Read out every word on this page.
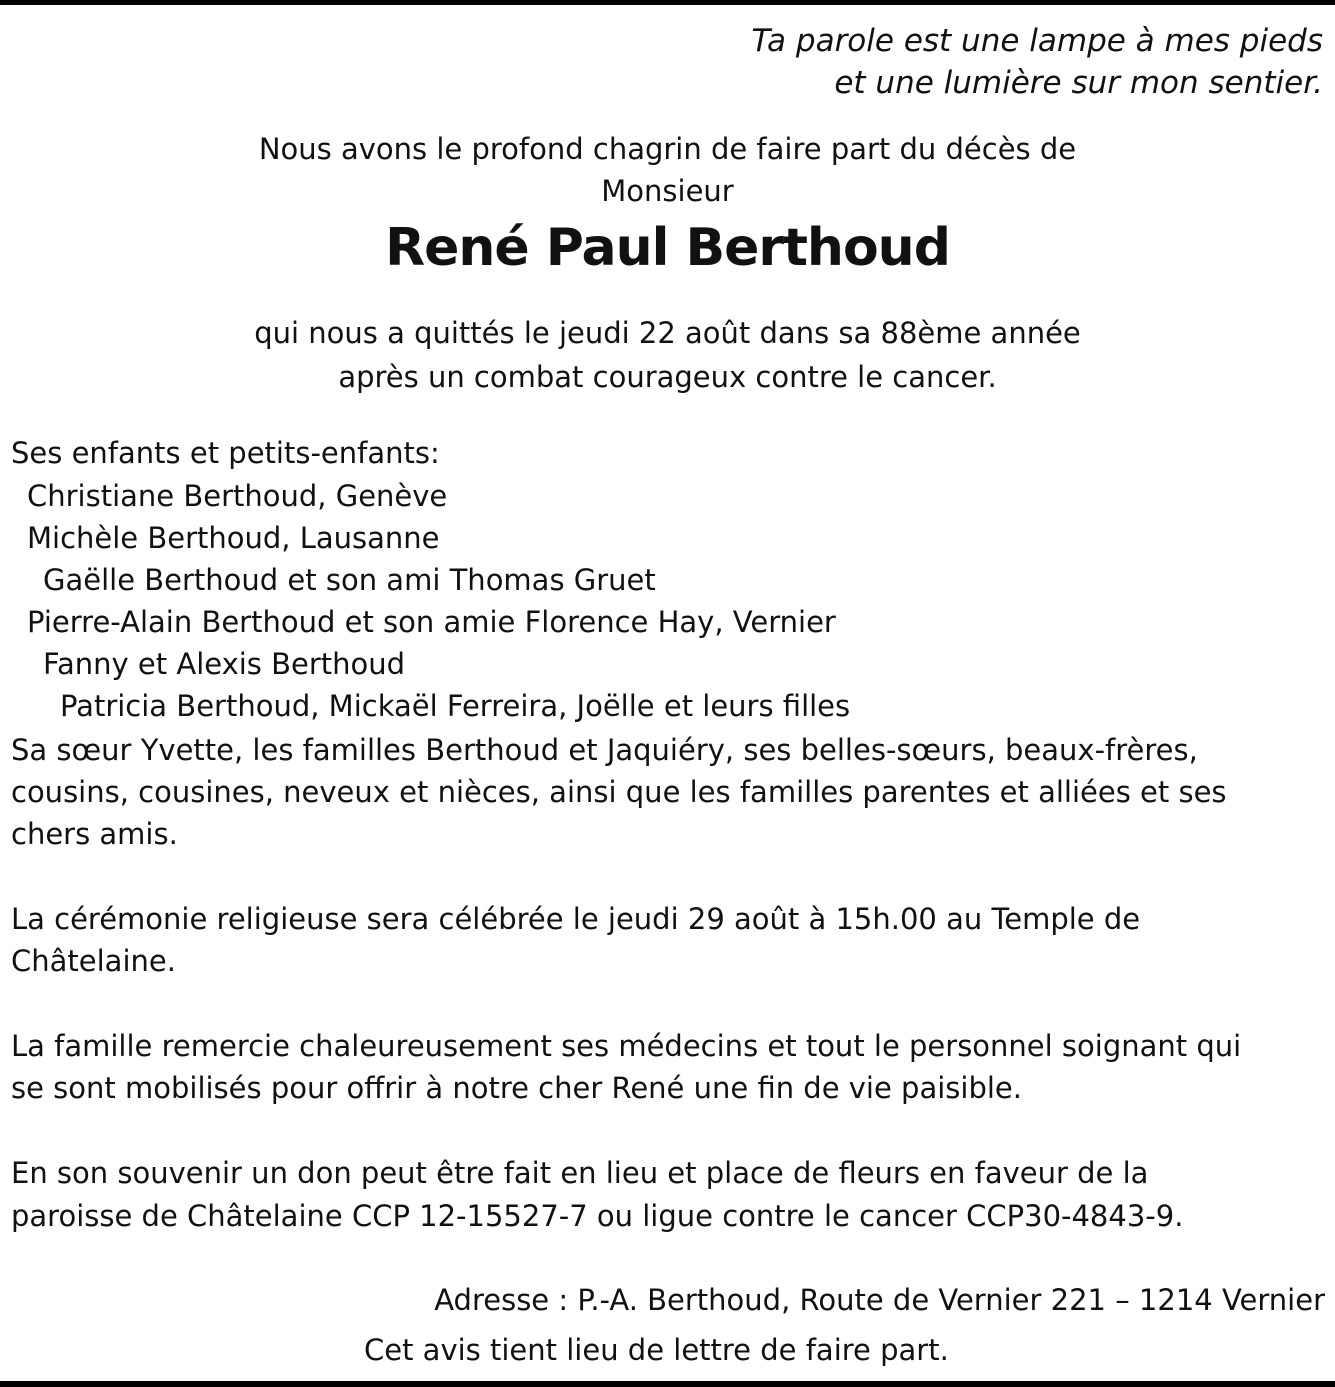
Ta parole est une lampe à mes pieds
et une lumière sur mon sentier.
Nous avons le profond chagrin de faire part du décès de
Monsieur
René Paul Berthoud
qui nous a quittés le jeudi 22 août dans sa 88ème année
après un combat courageux contre le cancer.
Ses enfants et petits-enfants:
Christiane Berthoud, Genève
Michèle Berthoud, Lausanne
Gaëlle Berthoud et son ami Thomas Gruet
Pierre-Alain Berthoud et son amie Florence Hay, Vernier
Fanny et Alexis Berthoud
Patricia Berthoud, Mickaël Ferreira, Joëlle et leurs filles
Sa sœur Yvette, les familles Berthoud et Jaquiéry, ses belles-sœurs, beaux-frères,
cousins, cousines, neveux et nièces, ainsi que les familles parentes et alliées et ses
chers amis.
La cérémonie religieuse sera célébrée le jeudi 29 août à 15h.00 au Temple de
Châtelaine.
La famille remercie chaleureusement ses médecins et tout le personnel soignant qui
se sont mobilisés pour offrir à notre cher René une fin de vie paisible.
En son souvenir un don peut être fait en lieu et place de fleurs en faveur de la
paroisse de Châtelaine CCP 12-15527-7 ou ligue contre le cancer CCP30-4843-9.
Adresse : P.-A. Berthoud, Route de Vernier 221 – 1214 Vernier
Cet avis tient lieu de lettre de faire part.
